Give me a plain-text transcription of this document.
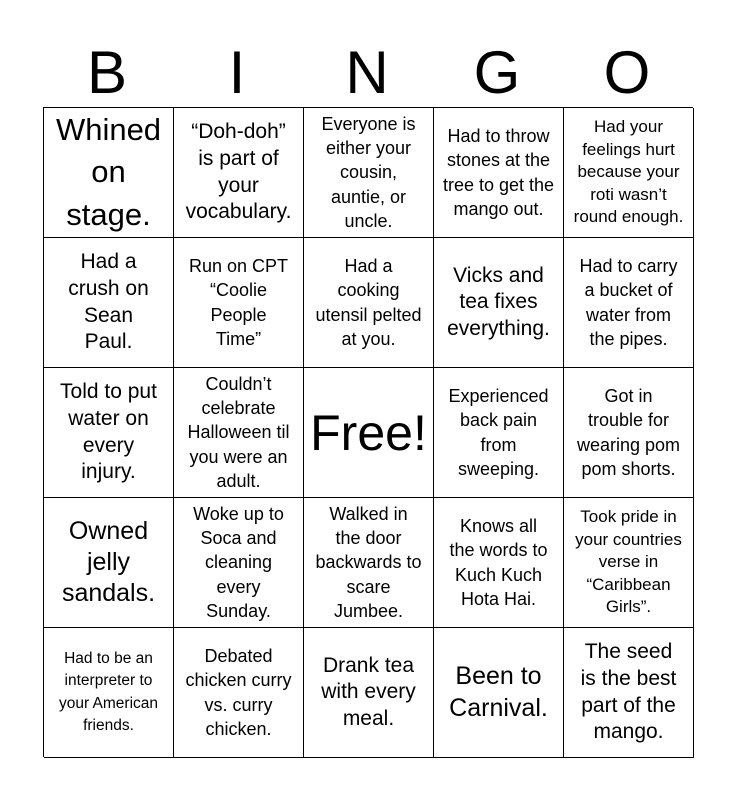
B	I	N	G	O
Whined
on
stage.
“Doh-doh”
is part of
your
vocabulary.
Everyone is
either your
cousin,
auntie, or
uncle.
Had to throw
stones at the
tree to get the
mango out.
Had your
feelings hurt
because your
roti wasn’t
round enough.
Had a
crush on
Sean
Paul.
Run on CPT
“Coolie
People
Time”
Had a
cooking
utensil pelted
at you.
Vicks and
tea fixes
everything.
Had to carry
a bucket of
water from
the pipes.
Told to put
water on
every
injury.
Couldn’t
celebrate
Halloween til
you were an
adult.
Free!
Experienced
back pain
from
sweeping.
Got in
trouble for
wearing pom
pom shorts.
Owned
jelly
sandals.
Woke up to
Soca and
cleaning
every
Sunday.
Walked in
the door
backwards to
scare
Jumbee.
Knows all
the words to
Kuch Kuch
Hota Hai.
Took pride in
your countries
verse in
“Caribbean
Girls”.
Had to be an
interpreter to
your American
friends.
Debated
chicken curry
vs. curry
chicken.
Drank tea
with every
meal.
Been to
Carnival.
The seed
is the best
part of the
mango.
